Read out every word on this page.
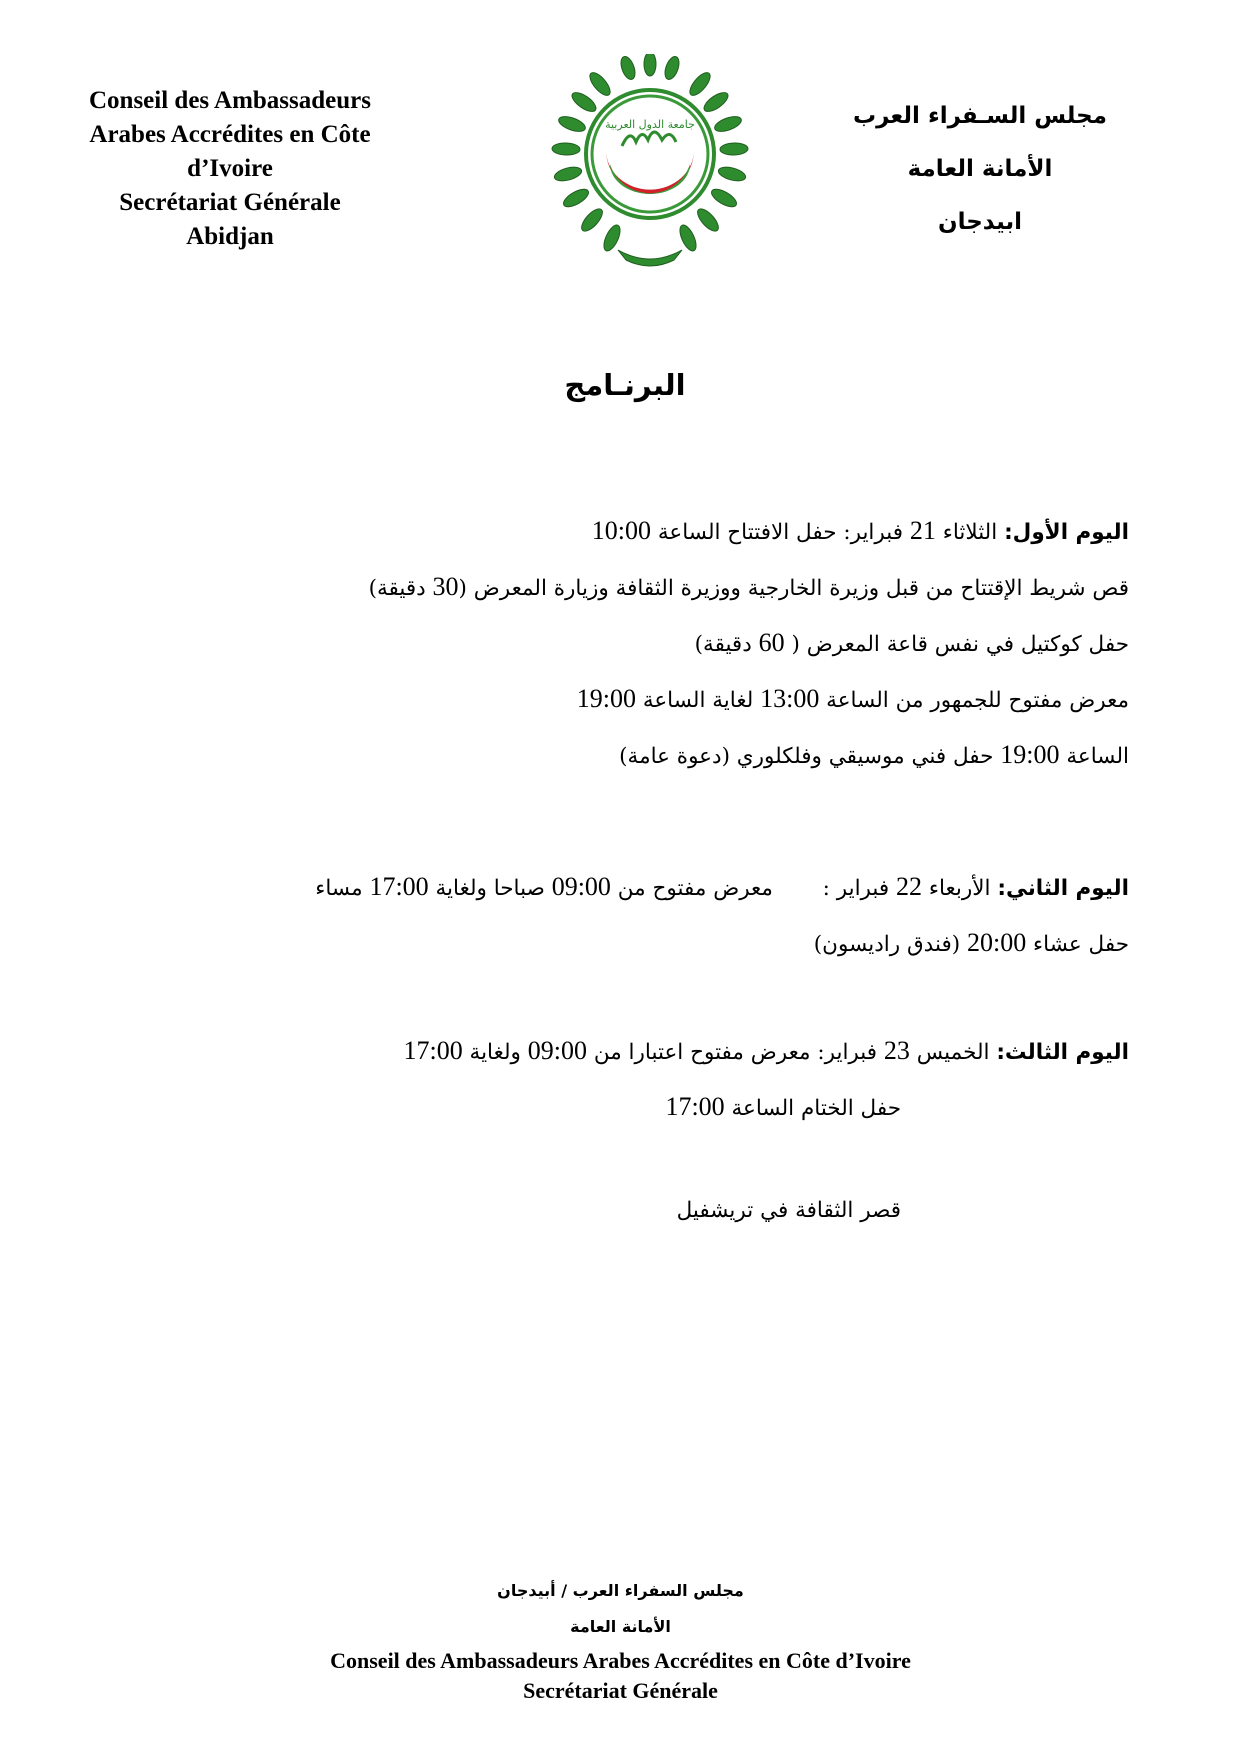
Conseil des Ambassadeurs
Arabes Accrédites en Côte
d’Ivoire
Secrétariat Générale
Abidjan
جامعة الدول العربية	مجلس السـفراء العرب
الأمانة العامة
ابيدجان
البرنـامج
اليوم الأول: الثلاثاء 21 فبراير: حفل الافتتاح الساعة 10:00
قص شريط الإقتتاح من قبل وزيرة الخارجية ووزيرة الثقافة وزيارة المعرض (30 دقيقة)
حفل كوكتيل في نفس قاعة المعرض ( 60 دقيقة)
معرض مفتوح للجمهور من الساعة 13:00 لغاية الساعة 19:00
الساعة 19:00 حفل فني موسيقي وفلكلوري (دعوة عامة)
اليوم الثاني: الأربعاء 22 فبراير :  معرض مفتوح من 09:00 صباحا ولغاية 17:00 مساء
حفل عشاء 20:00 (فندق راديسون)
اليوم الثالث: الخميس 23 فبراير: معرض مفتوح اعتبارا من 09:00 ولغاية 17:00
حفل الختام الساعة 17:00
قصر الثقافة في تريشفيل
مجلس السفراء العرب / أبيدجان
الأمانة العامة
Conseil des Ambassadeurs Arabes Accrédites en Côte d’Ivoire
Secrétariat Générale
